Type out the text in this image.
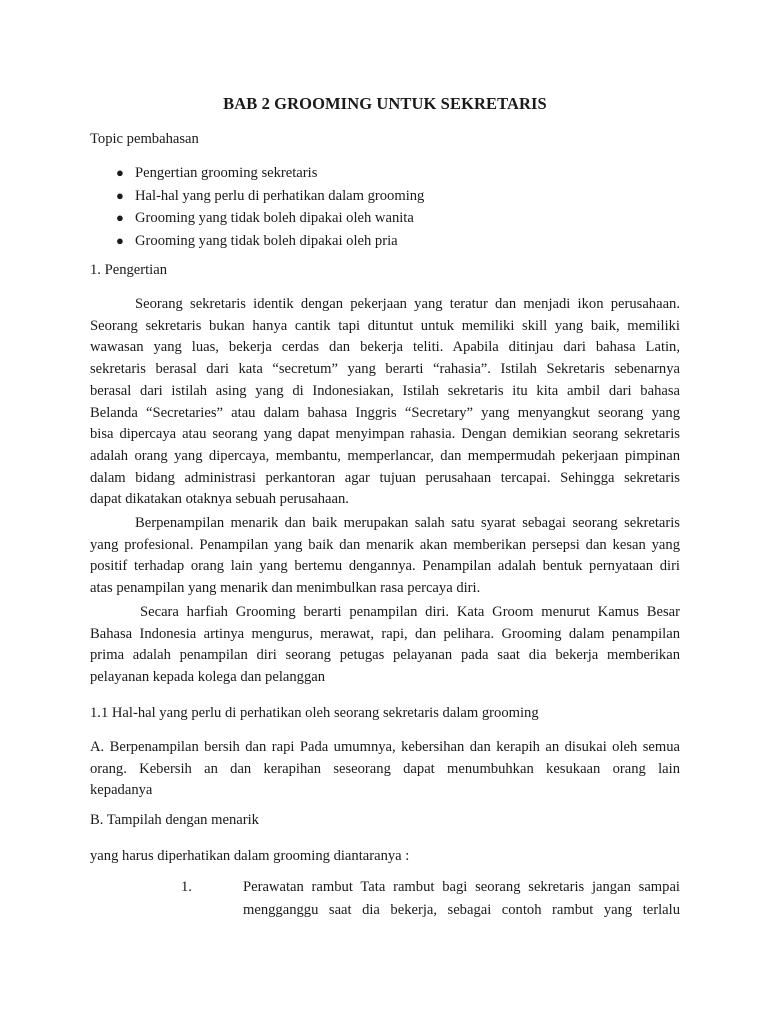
BAB 2 GROOMING UNTUK SEKRETARIS
Topic pembahasan
● Pengertian grooming sekretaris
● Hal-hal yang perlu di perhatikan dalam grooming
● Grooming yang tidak boleh dipakai oleh wanita
● Grooming yang tidak boleh dipakai oleh pria
1. Pengertian
Seorang sekretaris identik dengan pekerjaan yang teratur dan menjadi ikon perusahaan.
Seorang sekretaris bukan hanya cantik tapi dituntut untuk memiliki skill yang baik, memiliki
wawasan yang luas, bekerja cerdas dan bekerja teliti. Apabila ditinjau dari bahasa Latin,
sekretaris berasal dari kata “secretum” yang berarti “rahasia”. Istilah Sekretaris sebenarnya
berasal dari istilah asing yang di Indonesiakan, Istilah sekretaris itu kita ambil dari bahasa
Belanda “Secretaries” atau dalam bahasa Inggris “Secretary” yang menyangkut seorang yang
bisa dipercaya atau seorang yang dapat menyimpan rahasia. Dengan demikian seorang sekretaris
adalah orang yang dipercaya, membantu, memperlancar, dan mempermudah pekerjaan pimpinan
dalam bidang administrasi perkantoran agar tujuan perusahaan tercapai. Sehingga sekretaris
dapat dikatakan otaknya sebuah perusahaan.
Berpenampilan menarik dan baik merupakan salah satu syarat sebagai seorang sekretaris
yang profesional. Penampilan yang baik dan menarik akan memberikan persepsi dan kesan yang
positif terhadap orang lain yang bertemu dengannya. Penampilan adalah bentuk pernyataan diri
atas penampilan yang menarik dan menimbulkan rasa percaya diri.
Secara harfiah Grooming berarti penampilan diri. Kata Groom menurut Kamus Besar
Bahasa Indonesia artinya mengurus, merawat, rapi, dan pelihara. Grooming dalam penampilan
prima adalah penampilan diri seorang petugas pelayanan pada saat dia bekerja memberikan
pelayanan kepada kolega dan pelanggan
1.1 Hal-hal yang perlu di perhatikan oleh seorang sekretaris dalam grooming
A. Berpenampilan bersih dan rapi Pada umumnya, kebersihan dan kerapih an disukai oleh semua
orang. Kebersih an dan kerapihan seseorang dapat menumbuhkan kesukaan orang lain
kepadanya
B. Tampilah dengan menarik
yang harus diperhatikan dalam grooming diantaranya :
1.	Perawatan rambut Tata rambut bagi seorang sekretaris jangan sampai
mengganggu saat dia bekerja, sebagai contoh rambut yang terlalu
